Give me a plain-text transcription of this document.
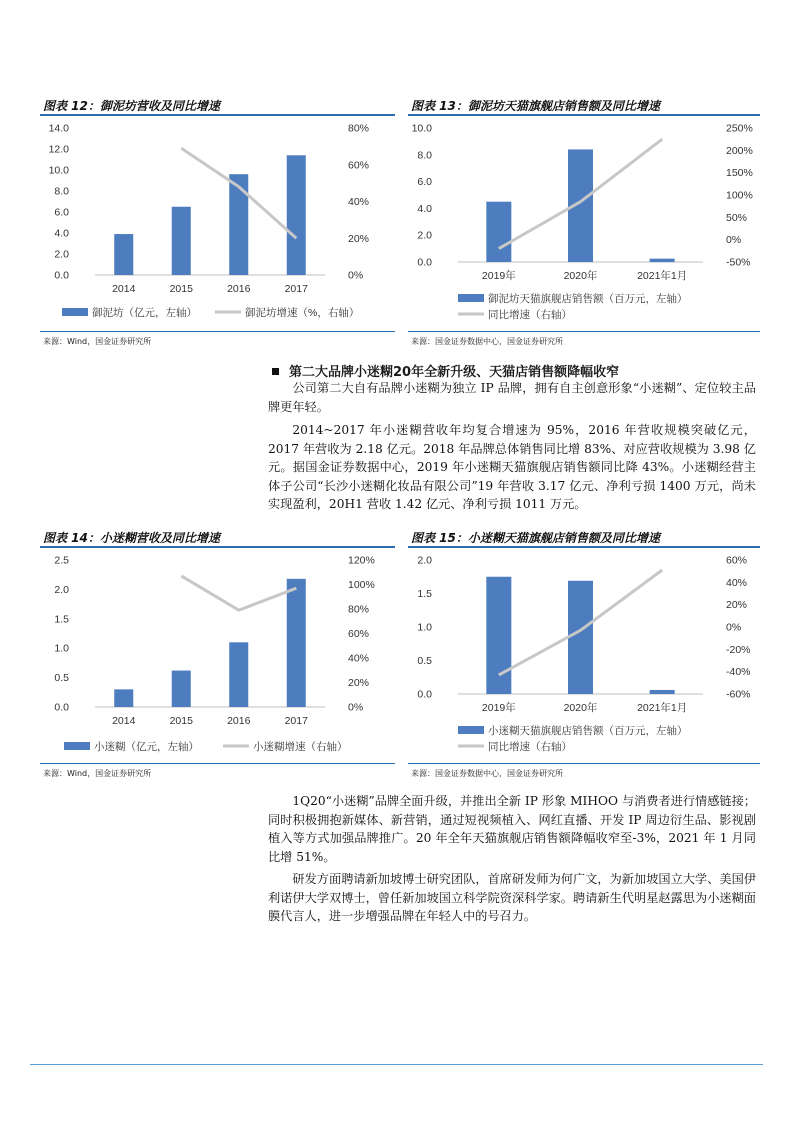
图表 12：御泥坊营收及同比增速
0.0
2.0
4.0
6.0
8.0
10.0
12.0
14.0
0%
20%
40%
60%
80%
2014	2015	2016	2017
御泥坊（亿元，左轴）	御泥坊增速（%，右轴）
来源：Wind，国金证券研究所
图表 13：御泥坊天猫旗舰店销售额及同比增速
0.0
2.0
4.0
6.0
8.0
10.0
-50%
0%
50%
100%
150%
200%
250%
2019年	2020年	2021年1月
御泥坊天猫旗舰店销售额（百万元，左轴）
同比增速（右轴）
来源：国金证券数据中心，国金证券研究所
第二大品牌小迷糊20年全新升级、天猫店销售额降幅收窄

公司第二大自有品牌小迷糊为独立 IP 品牌，拥有自主创意形象“小迷糊”、定位较主品牌更年轻。

2014~2017 年小迷糊营收年均复合增速为 95%，2016 年营收规模突破亿元，2017 年营收为 2.18 亿元。2018 年品牌总体销售同比增 83%、对应营收规模为 3.98 亿元。据国金证券数据中心，2019 年小迷糊天猫旗舰店销售额同比降 43%。小迷糊经营主体子公司“长沙小迷糊化妆品有限公司”19 年营收 3.17 亿元、净利亏损 1400 万元，尚未实现盈利，20H1 营收 1.42 亿元、净利亏损 1011 万元。

图表 14：小迷糊营收及同比增速
0.0
0.5
1.0
1.5
2.0
2.5
0%
20%
40%
60%
80%
100%
120%
2014	2015	2016	2017
小迷糊（亿元，左轴）	小迷糊增速（右轴）
来源：Wind，国金证券研究所
图表 15：小迷糊天猫旗舰店销售额及同比增速
0.0
0.5
1.0
1.5
2.0
-60%
-40%
-20%
0%
20%
40%
60%
2019年	2020年	2021年1月
小迷糊天猫旗舰店销售额（百万元，左轴）
同比增速（右轴）
来源：国金证券数据中心，国金证券研究所

1Q20“小迷糊”品牌全面升级，并推出全新 IP 形象 MIHOO 与消费者进行情感链接；同时积极拥抱新媒体、新营销，通过短视频植入、网红直播、开发 IP 周边衍生品、影视剧植入等方式加强品牌推广。20 年全年天猫旗舰店销售额降幅收窄至-3%，2021 年 1 月同比增 51%。

研发方面聘请新加坡博士研究团队，首席研发师为何广文，为新加坡国立大学、美国伊利诺伊大学双博士，曾任新加坡国立科学院资深科学家。聘请新生代明星赵露思为小迷糊面膜代言人，进一步增强品牌在年轻人中的号召力。
